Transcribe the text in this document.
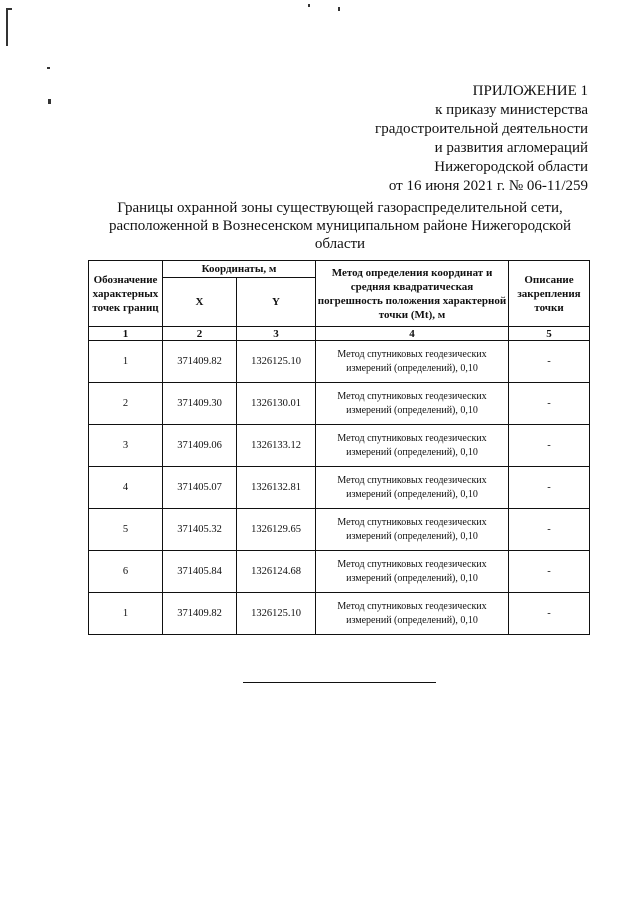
ПРИЛОЖЕНИЕ 1
к приказу министерства
градостроительной деятельности
и развития агломераций
Нижегородской области
от 16 июня 2021 г. № 06-11/259
Границы охранной зоны существующей газораспределительной сети, расположенной в Вознесенском муниципальном районе Нижегородской области
Обозначение характерных точек границ	Координаты, м		Метод определения координат и средняя квадратическая погрешность положения характерной точки (Mt), м	Описание закрепления точки
	X	Y		
1	2	3	4	5
1	371409.82	1326125.10	Метод спутниковых геодезических измерений (определений), 0,10	-
2	371409.30	1326130.01	Метод спутниковых геодезических измерений (определений), 0,10	-
3	371409.06	1326133.12	Метод спутниковых геодезических измерений (определений), 0,10	-
4	371405.07	1326132.81	Метод спутниковых геодезических измерений (определений), 0,10	-
5	371405.32	1326129.65	Метод спутниковых геодезических измерений (определений), 0,10	-
6	371405.84	1326124.68	Метод спутниковых геодезических измерений (определений), 0,10	-
1	371409.82	1326125.10	Метод спутниковых геодезических измерений (определений), 0,10	-
